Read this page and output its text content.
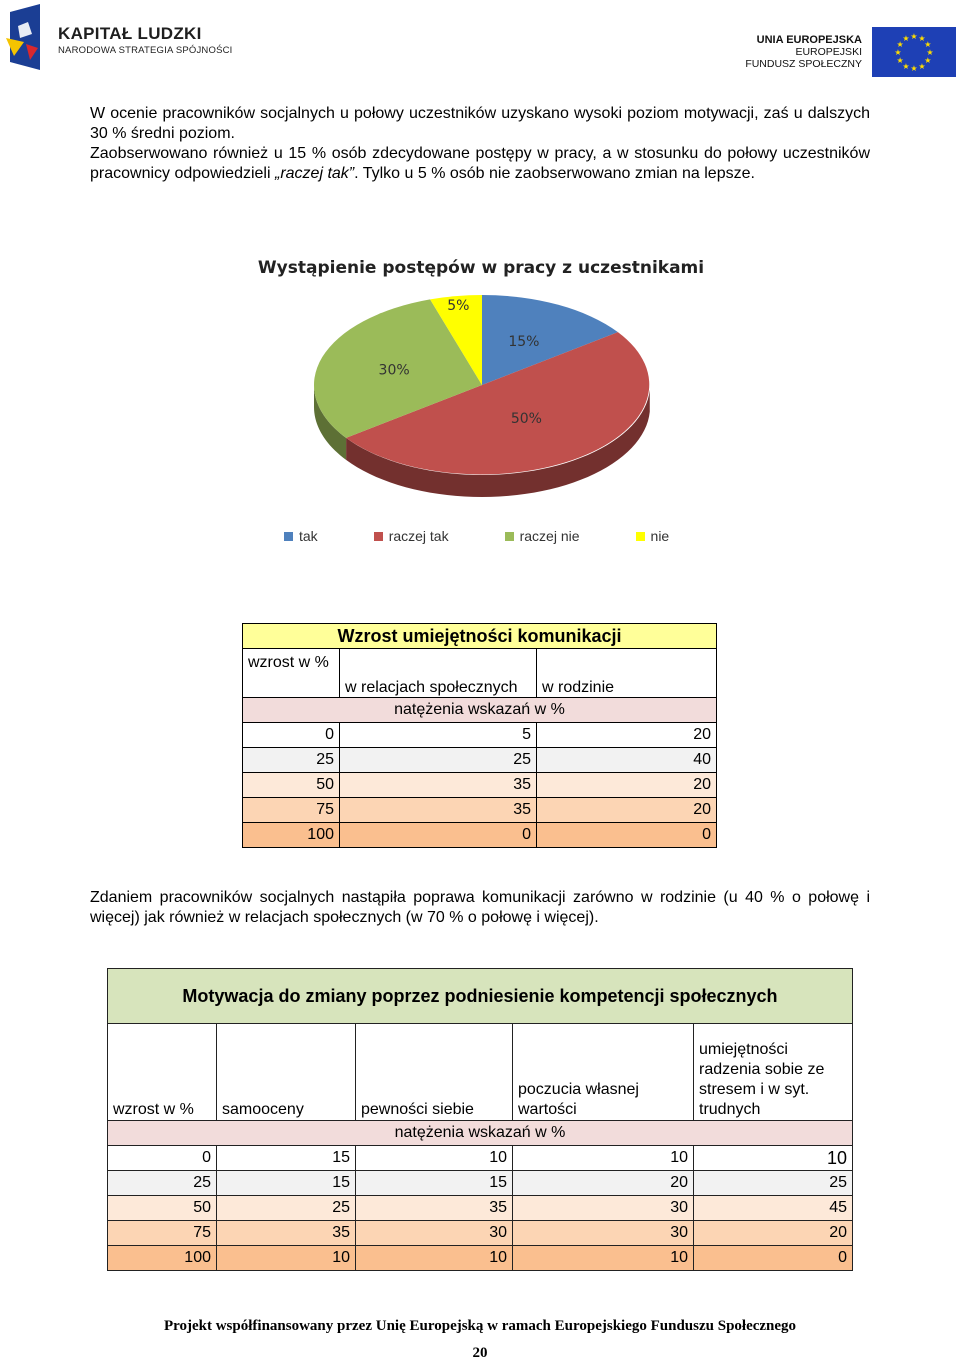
KAPITAŁ LUDZKI
NARODOWA STRATEGIA SPÓJNOŚCI
UNIA EUROPEJSKA
EUROPEJSKI
FUNDUSZ SPOŁECZNY
★
★
★
★
★
★
★
★
★ ★ ★
★
W ocenie pracowników socjalnych u połowy uczestników uzyskano wysoki poziom motywacji, zaś u dalszych 30 % średni poziom.
Zaobserwowano również u 15 % osób zdecydowane postępy w pracy, a w stosunku do połowy uczestników pracownicy odpowiedzieli „raczej tak”. Tylko u 5 % osób nie zaobserwowano zmian na lepsze.
Wystąpienie postępów w pracy z uczestnikami
15%
50%
30%
5%
tak	raczej tak	raczej nie	nie
Wzrost umiejętności komunikacji		
wzrost w %	w relacjach społecznych	w rodzinie
natężenia wskazań w %		
0	5	20
25	25	40
50	35	20
75	35	20
100	0	0
Zdaniem pracowników socjalnych nastąpiła poprawa komunikacji zarówno w rodzinie (u 40 % o połowę i więcej) jak również w relacjach społecznych (w 70 % o połowę i więcej).
Motywacja do zmiany poprzez podniesienie kompetencji społecznych				
wzrost w %	samooceny	pewności siebie	poczucia własnej wartości	umiejętności radzenia sobie ze stresem i w syt. trudnych
natężenia wskazań w %				
0	15	10	10	10
25	15	15	20	25
50	25	35	30	45
75	35	30	30	20
100	10	10	10	0
Projekt współfinansowany przez Unię Europejską w ramach Europejskiego Funduszu Społecznego
20
